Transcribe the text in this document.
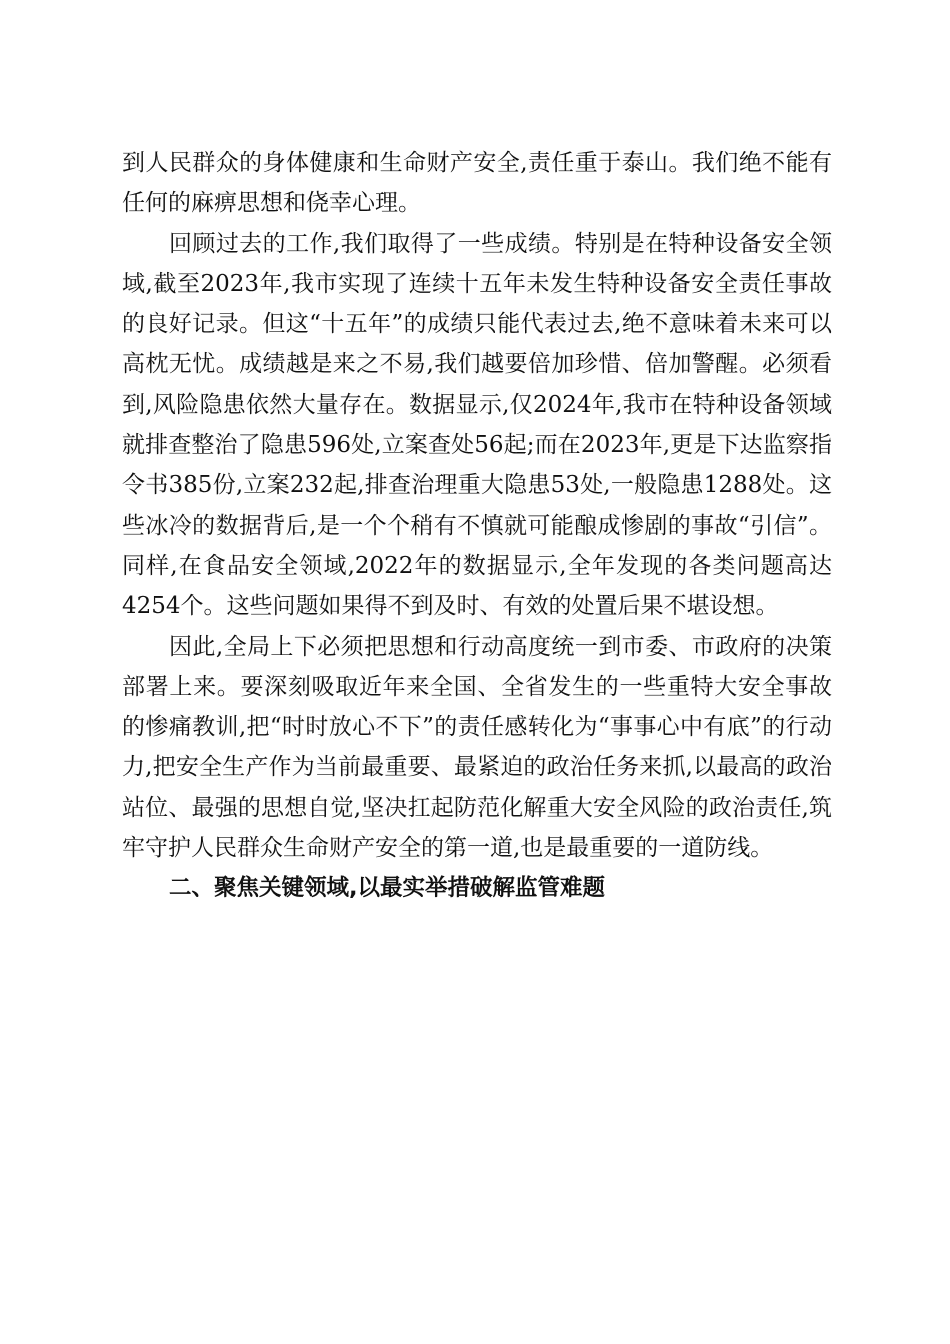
到人民群众的身体健康和生命财产安全,责任重于泰山。我们绝不能有任何的麻痹思想和侥幸心理。

回顾过去的工作,我们取得了一些成绩。特别是在特种设备安全领域,截至2023年,我市实现了连续十五年未发生特种设备安全责任事故的良好记录。但这“十五年”的成绩只能代表过去,绝不意味着未来可以高枕无忧。成绩越是来之不易,我们越要倍加珍惜、倍加警醒。必须看到,风险隐患依然大量存在。数据显示,仅2024年,我市在特种设备领域就排查整治了隐患596处,立案查处56起;而在2023年,更是下达监察指令书385份,立案232起,排查治理重大隐患53处,一般隐患1288处。这些冰冷的数据背后,是一个个稍有不慎就可能酿成惨剧的事故“引信”。同样,在食品安全领域,2022年的数据显示,全年发现的各类问题高达4254个。这些问题如果得不到及时、有效的处置后果不堪设想。

因此,全局上下必须把思想和行动高度统一到市委、市政府的决策部署上来。要深刻吸取近年来全国、全省发生的一些重特大安全事故的惨痛教训,把“时时放心不下”的责任感转化为“事事心中有底”的行动力,把安全生产作为当前最重要、最紧迫的政治任务来抓,以最高的政治站位、最强的思想自觉,坚决扛起防范化解重大安全风险的政治责任,筑牢守护人民群众生命财产安全的第一道,也是最重要的一道防线。

二、聚焦关键领域,以最实举措破解监管难题
